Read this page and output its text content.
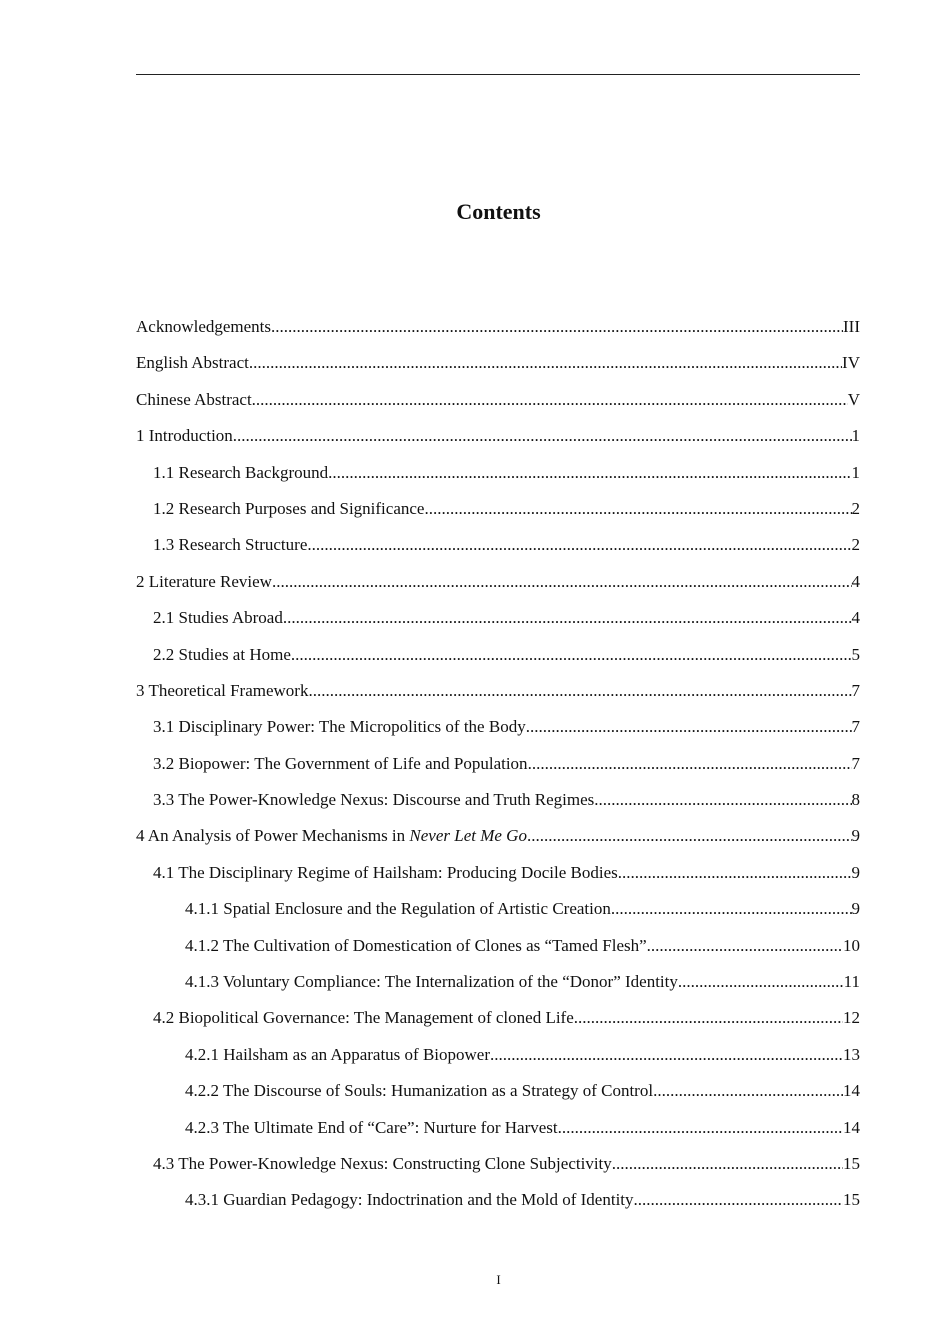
Contents
Acknowledgements .....	III
English Abstract .....	IV
Chinese Abstract .....	V
1 Introduction .....	1
1.1 Research Background .....	1
1.2 Research Purposes and Significance .....	2
1.3 Research Structure .....	2
2 Literature Review .....	4
2.1 Studies Abroad .....	4
2.2 Studies at Home .....	5
3 Theoretical Framework .....	7
3.1 Disciplinary Power: The Micropolitics of the Body .....	7
3.2 Biopower: The Government of Life and Population .....	7
3.3 The Power-Knowledge Nexus: Discourse and Truth Regimes .....	8
4 An Analysis of Power Mechanisms in Never Let Me Go .....	9
4.1 The Disciplinary Regime of Hailsham: Producing Docile Bodies .....	9
4.1.1 Spatial Enclosure and the Regulation of Artistic Creation .....	9
4.1.2 The Cultivation of Domestication of Clones as “Tamed Flesh” .....	10
4.1.3 Voluntary Compliance: The Internalization of the “Donor” Identity .....	11
4.2 Biopolitical Governance: The Management of cloned Life .....	12
4.2.1 Hailsham as an Apparatus of Biopower .....	13
4.2.2 The Discourse of Souls: Humanization as a Strategy of Control .....	14
4.2.3 The Ultimate End of “Care”: Nurture for Harvest .....	14
4.3 The Power-Knowledge Nexus: Constructing Clone Subjectivity .....	15
4.3.1 Guardian Pedagogy: Indoctrination and the Mold of Identity .....	15
I
